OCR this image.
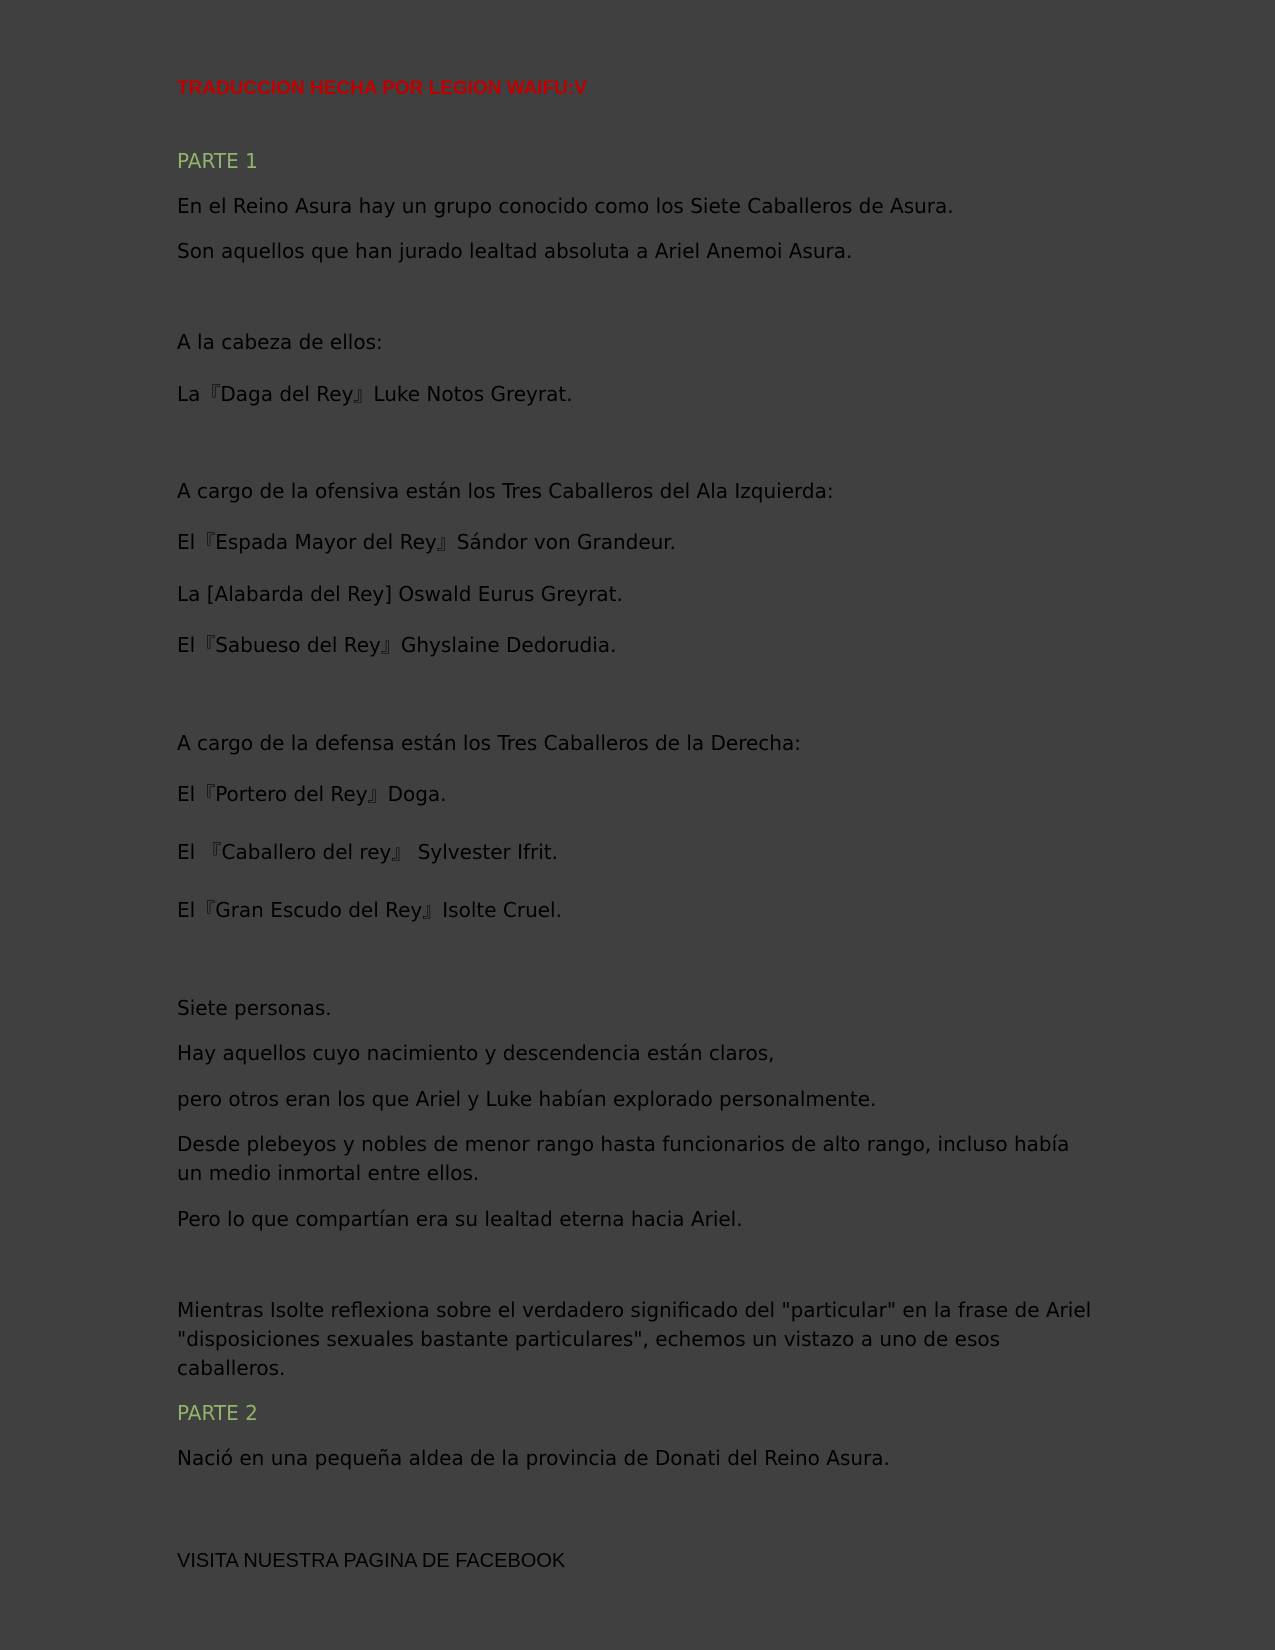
TRADUCCION HECHA POR LEGION WAIFU:V
PARTE 1
En el Reino Asura hay un grupo conocido como los Siete Caballeros de Asura.
Son aquellos que han jurado lealtad absoluta a Ariel Anemoi Asura.
A la cabeza de ellos:
La『Daga del Rey』Luke Notos Greyrat.
A cargo de la ofensiva están los Tres Caballeros del Ala Izquierda:
El『Espada Mayor del Rey』Sándor von Grandeur.
La [Alabarda del Rey] Oswald Eurus Greyrat.
El『Sabueso del Rey』Ghyslaine Dedorudia.
A cargo de la defensa están los Tres Caballeros de la Derecha:
El『Portero del Rey』Doga.
El 『Caballero del rey』 Sylvester Ifrit.
El『Gran Escudo del Rey』Isolte Cruel.
Siete personas.
Hay aquellos cuyo nacimiento y descendencia están claros,
pero otros eran los que Ariel y Luke habían explorado personalmente.
Desde plebeyos y nobles de menor rango hasta funcionarios de alto rango, incluso había un medio inmortal entre ellos.
Pero lo que compartían era su lealtad eterna hacia Ariel.
Mientras Isolte reflexiona sobre el verdadero significado del "particular" en la frase de Ariel "disposiciones sexuales bastante particulares", echemos un vistazo a uno de esos caballeros.
PARTE 2
Nació en una pequeña aldea de la provincia de Donati del Reino Asura.
VISITA NUESTRA PAGINA DE FACEBOOK
